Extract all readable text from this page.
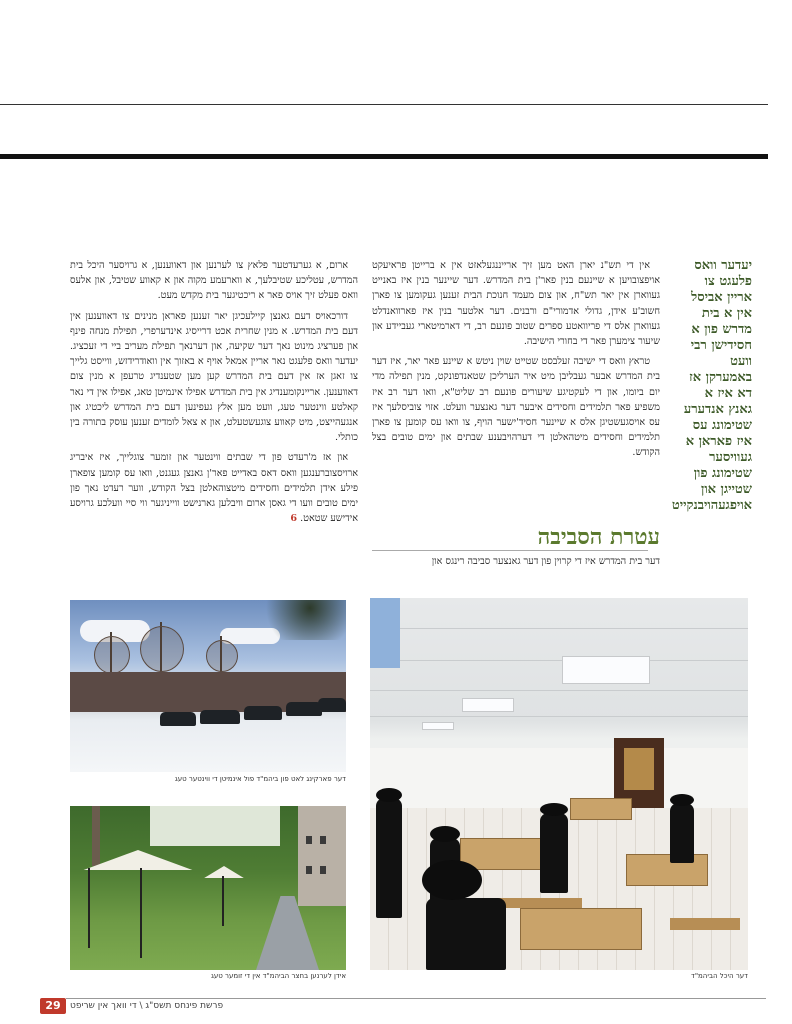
יעדער וואס פלעגט צו אריין אביסל אין א בית מדרש פון א חסידישן רבי וועט באמערקן אז דא איז א גאנץ אנדערע שטימונג עס איז פאראן א געוויסער שטימונג פון שטייגן און אויפגעהויבנקייט

אין די תש"נ יארן האט מען זיך ארייננגעלאזט אין א ברייטן פראיעקט אויפצובויען א שיינעם בנין פאר'ן בית המדרש. דער שיינער בנין איז באנייט געווארן אין יאר תש"ח, און צום מעמד חנוכת הבית זענען געקומען צו פארן חשוב'ע אידן, גדולי אדמורי"ם ורבנים. דער אלטער בנין איז פארוואנדלט געווארן אלס די פריוואטע ספרים שטוב פונעם רב, די דארמיטארי געביידע און שיעור צימערן פאר די בחורי הישיבה.

טראץ וואס די ישיבה זעלבסט שטייט שוין ניטש א שיינע פאר יאר, איז דער בית המדרש אבער געבליבן מיט איר הערליכן שטאנדפונקט, מנין תפילה מדי יום ביומו, און די לעקטיגע שיעורים פונעם רב שליט"א, וואו דער רב איז משפיע פאר תלמידים וחסידים איבער דער גאנצער וועלט. אזוי צוביסלעך איז עס אויסגעשטיגן אלס א שיינער חסיד'ישער הויף, צו וואו עס קומען צו פארן תלמידים וחסידים מיטהאלטן די דערהויבענע שבתים און ימים טובים בצל הקודש.

עטרת הסביבה
דער בית המדרש איז די קרוין פון דער גאנצער סביבה רינגס און

ארום, א גערעדטער פלאץ צו לערנען און דאווענען, א גרויסער היכל בית המדרש, עטליכע שטיבלעך, א ווארעמע מקוה און א קאווע שטיבל, און אלעס וואס פעלט זיך אויס פאר א ריכטיגער בית מקדש מעט.

דורכאויס דעם גאנצן קיילעכיגן יאר זענען פאראן מנינים צו דאווענען אין דעם בית המדרש. א מנין שחרית אכט דרייסיג אינדערפרי, תפילת מנחה פינף און פערציג מינוט נאך דער שקיעה, און דערנאך תפילת מעריב ביי די זעכציג. יעדער וואס פלעגט נאר אריין אמאל אויף א באזוך אין וואודרידזש, ווייסט גלייך צו זאגן אז אין דעם בית המדרש קען מען שטענדיג טרעפן א מנין צום דאווענען. אריינקומענדיג אין בית המדרש אפילו אינמיטן טאג, אפילו אין די נאר קאלטע ווינטער טעג, וועט מען אלץ געפינען דעם בית המדרש ליכטיג און אנגעהייצט, מיט קאווע צוגעשטעלט, און א צאל לומדים זענען עוסק בתורה בין כותלי.

און אז מ'רעדט פון די שבתים ווינטער און זומער צוגלייך, איז איבריג ארויסצוברענגען וואס דאס באדייט פאר'ן גאנצן געגנט, וואו עס קומען צופארן פילע אידן תלמידים וחסידים מיטצוהאלטן בצל הקודש, ווער רעדט נאך פון ימים טובים וועו די גאסן ארום וויבלען גארנישט ווייניגער ווי סיי וועלכע גרויסע אידישע שטאט. 6

דער פארקינג לאט פון ביהמ"ד פול אינמיטן די ווינטער טעג
אידן לערנען בחצר הביהמ"ד אין די זומער טעג	דער היכל הביהמ"ד
29	פרשת פינחס תשס"ג \ די וואך אין שריפט
